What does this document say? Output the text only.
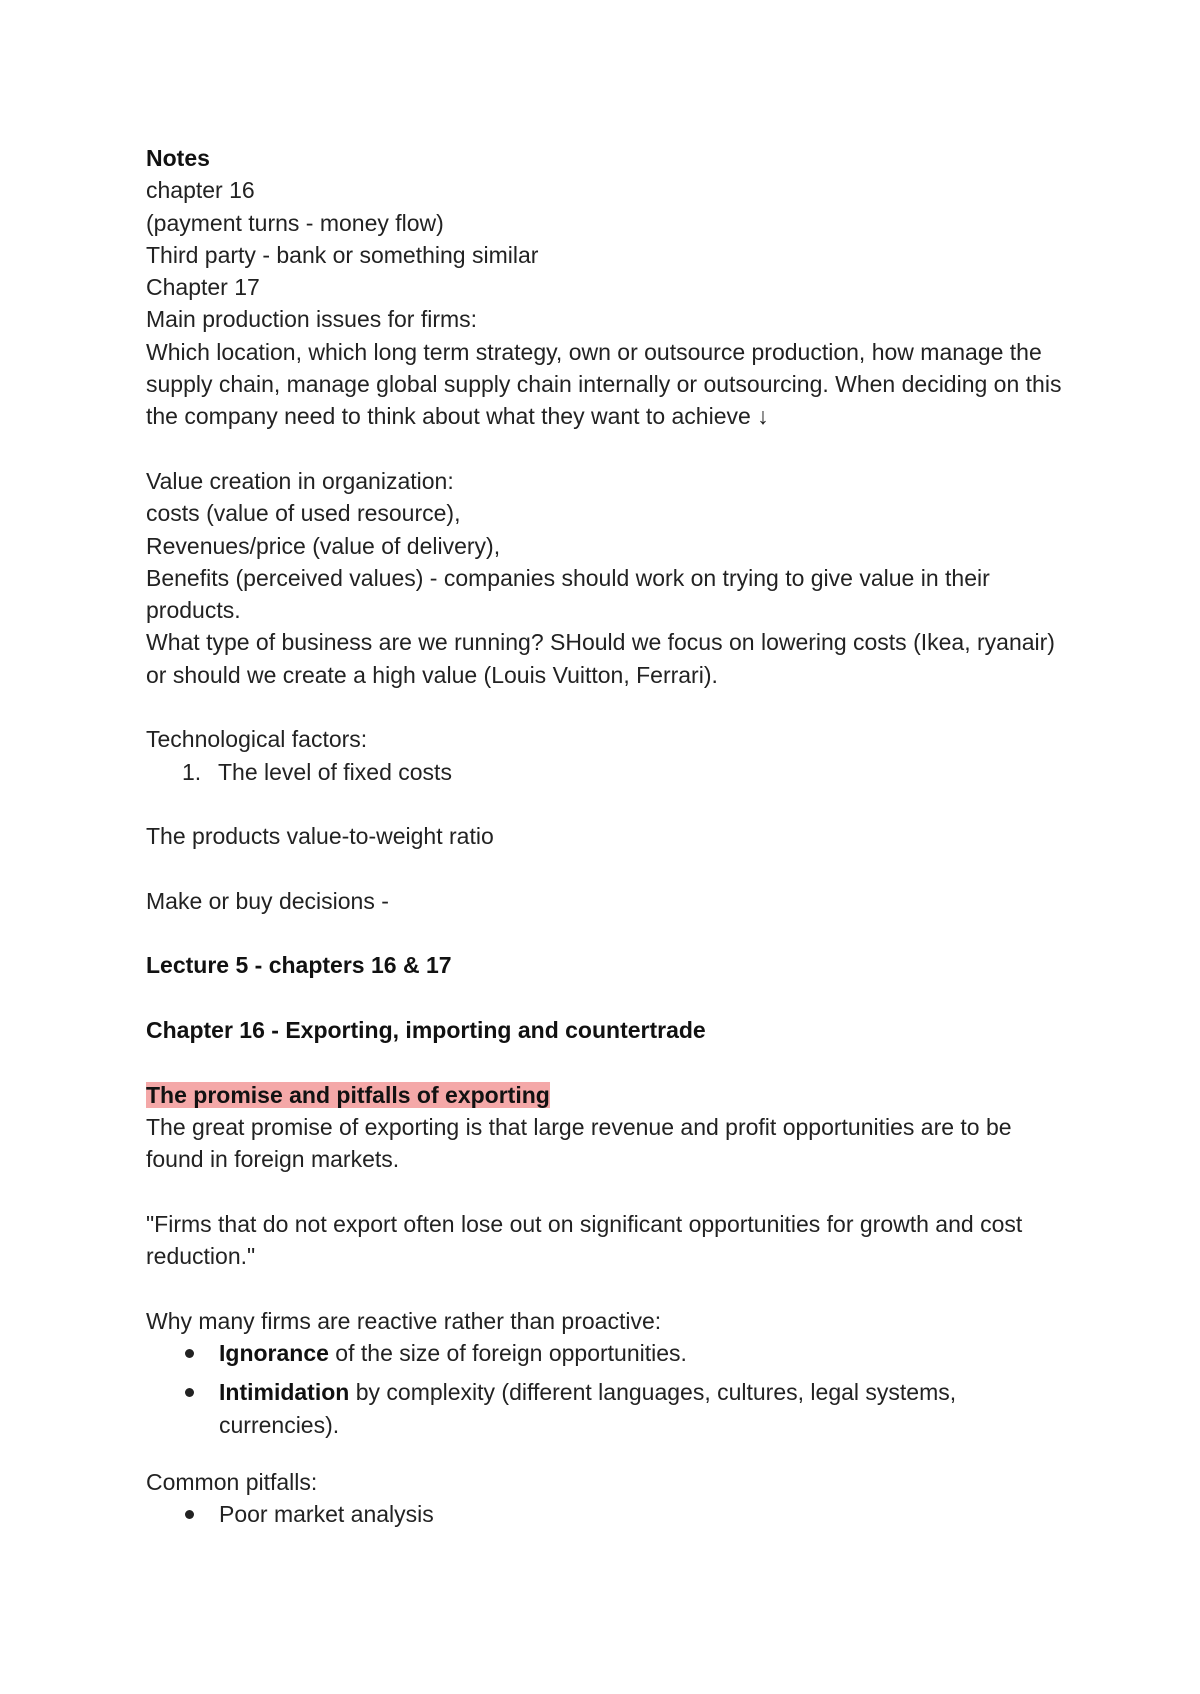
Notes
chapter 16
(payment turns - money flow)
Third party - bank or something similar
Chapter 17
Main production issues for firms:
Which location, which long term strategy, own or outsource production, how manage the supply chain, manage global supply chain internally or outsourcing. When deciding on this the company need to think about what they want to achieve ↓
Value creation in organization:
costs (value of used resource),
Revenues/price (value of delivery),
Benefits (perceived values) - companies should work on trying to give value in their products.
What type of business are we running? SHould we focus on lowering costs (Ikea, ryanair) or should we create a high value (Louis Vuitton, Ferrari).
Technological factors:
1. The level of fixed costs
The products value-to-weight ratio
Make or buy decisions -
Lecture 5 - chapters 16 & 17
Chapter 16 - Exporting, importing and countertrade
The promise and pitfalls of exporting
The great promise of exporting is that large revenue and profit opportunities are to be found in foreign markets.
"Firms that do not export often lose out on significant opportunities for growth and cost reduction."
Why many firms are reactive rather than proactive:
Ignorance of the size of foreign opportunities.
Intimidation by complexity (different languages, cultures, legal systems, currencies).
Common pitfalls:
Poor market analysis
